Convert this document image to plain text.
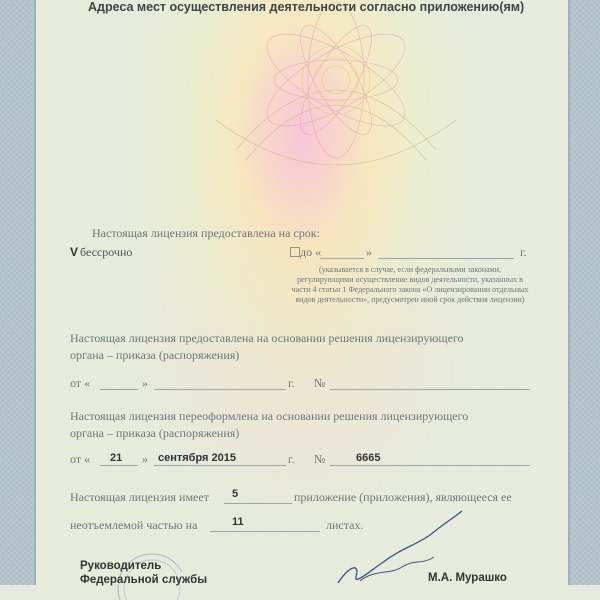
Адреса мест осуществления деятельности согласно приложению(ям)
Настоящая лицензия предоставлена на срок:
V бессрочно	до «	»	г.
(указывается в случае, если федеральными законами, регулирующими осуществление видов деятельности, указанных в части 4 статьи 1 Федерального закона «О лицензировании отдельных видов деятельности», предусмотрен иной срок действия лицензии)
Настоящая лицензия предоставлена на основании решения лицензирующего
органа – приказа (распоряжения)
от «	»	г. №
Настоящая лицензия переоформлена на основании решения лицензирующего
органа – приказа (распоряжения)
от « 21 » сентября 2015	г. №	6665
Настоящая лицензия имеет 5	приложение (приложения), являющееся ее
неотъемлемой частью на	11	листах.
Руководитель
Федеральной службы	М.А. Мурашко
